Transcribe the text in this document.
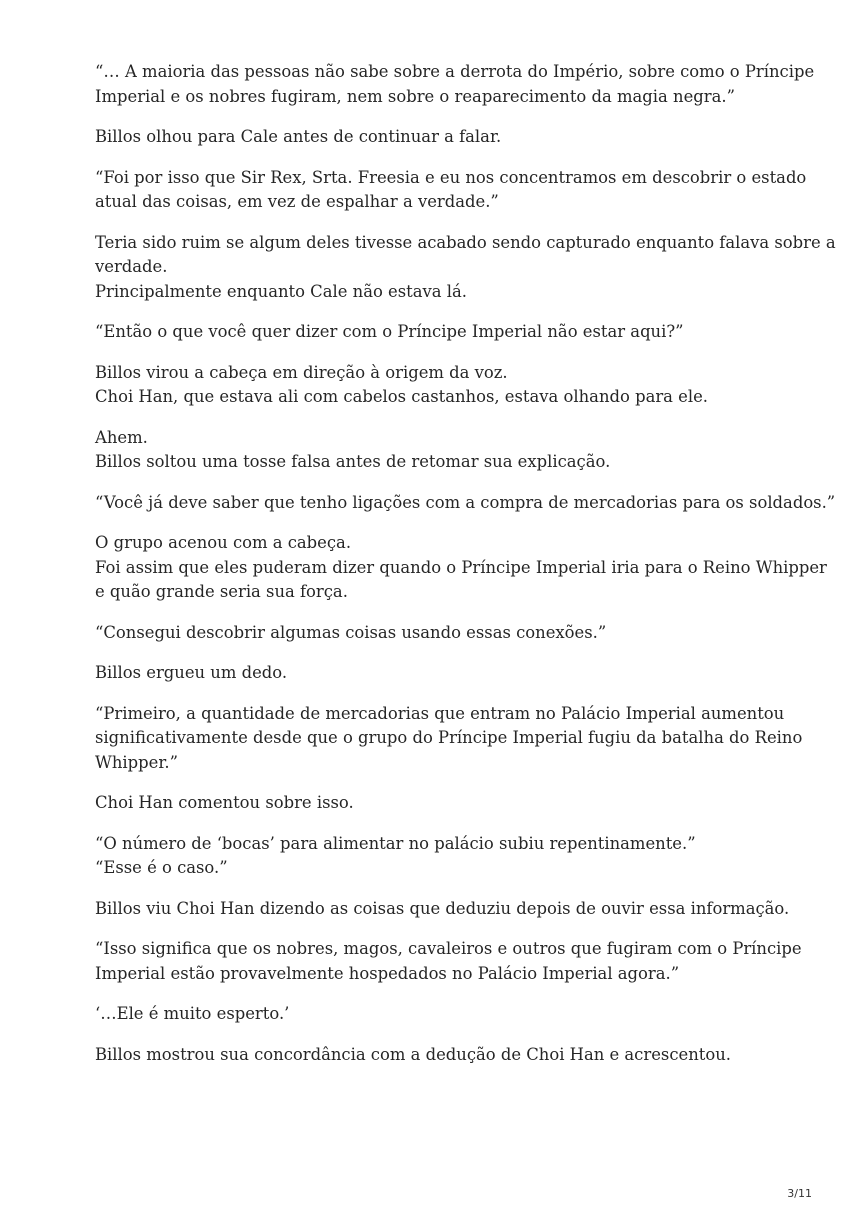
“… A maioria das pessoas não sabe sobre a derrota do Império, sobre como o Príncipe
Imperial e os nobres fugiram, nem sobre o reaparecimento da magia negra.”

Billos olhou para Cale antes de continuar a falar.

“Foi por isso que Sir Rex, Srta. Freesia e eu nos concentramos em descobrir o estado
atual das coisas, em vez de espalhar a verdade.”

Teria sido ruim se algum deles tivesse acabado sendo capturado enquanto falava sobre a
verdade.
Principalmente enquanto Cale não estava lá.

“Então o que você quer dizer com o Príncipe Imperial não estar aqui?”

Billos virou a cabeça em direção à origem da voz.
Choi Han, que estava ali com cabelos castanhos, estava olhando para ele.

Ahem.
Billos soltou uma tosse falsa antes de retomar sua explicação.

“Você já deve saber que tenho ligações com a compra de mercadorias para os soldados.”

O grupo acenou com a cabeça.
Foi assim que eles puderam dizer quando o Príncipe Imperial iria para o Reino Whipper
e quão grande seria sua força.

“Consegui descobrir algumas coisas usando essas conexões.”

Billos ergueu um dedo.

“Primeiro, a quantidade de mercadorias que entram no Palácio Imperial aumentou
significativamente desde que o grupo do Príncipe Imperial fugiu da batalha do Reino
Whipper.”

Choi Han comentou sobre isso.

“O número de ‘bocas’ para alimentar no palácio subiu repentinamente.”
“Esse é o caso.”

Billos viu Choi Han dizendo as coisas que deduziu depois de ouvir essa informação.

“Isso significa que os nobres, magos, cavaleiros e outros que fugiram com o Príncipe
Imperial estão provavelmente hospedados no Palácio Imperial agora.”

‘…Ele é muito esperto.’

Billos mostrou sua concordância com a dedução de Choi Han e acrescentou.

3/11
